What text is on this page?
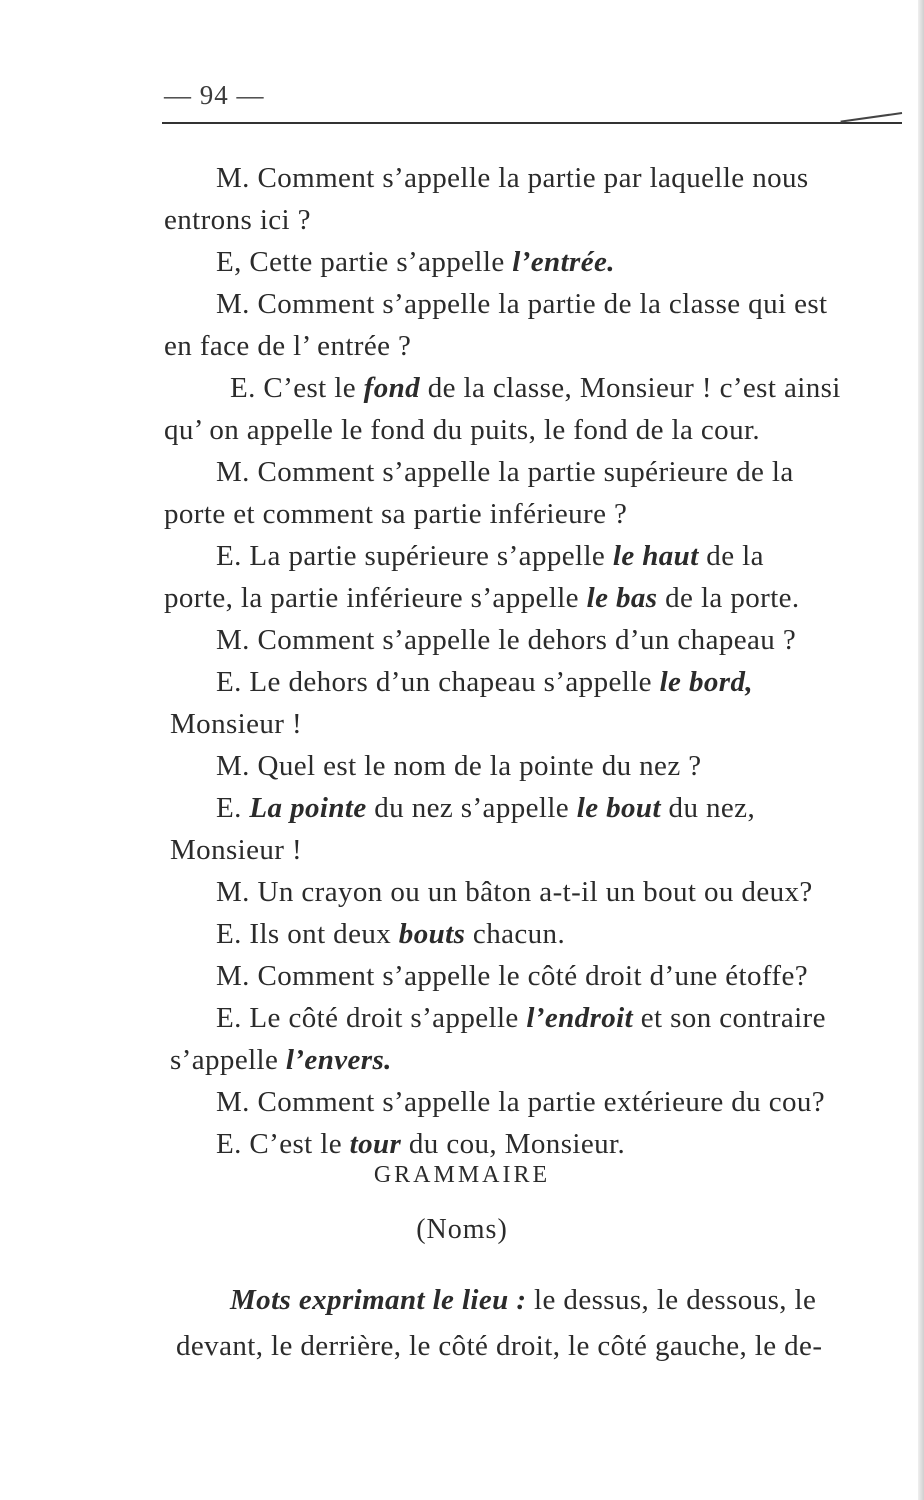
— 94 —
M. Comment s’appelle la partie par laquelle nous
entrons ici ?
E, Cette partie s’appelle l’entrée.
M. Comment s’appelle la partie de la classe qui est
en face de l’ entrée ?
E. C’est le fond de la classe, Monsieur ! c’est ainsi
qu’ on appelle le fond du puits, le fond de la cour.
M. Comment s’appelle la partie supérieure de la
porte et comment sa partie inférieure ?
E. La partie supérieure s’appelle le haut de la
porte, la partie inférieure s’appelle le bas de la porte.
M. Comment s’appelle le dehors d’un chapeau ?
E. Le dehors d’un chapeau s’appelle le bord,
Monsieur !
M. Quel est le nom de la pointe du nez ?
E. La pointe du nez s’appelle le bout du nez,
Monsieur !
M. Un crayon ou un bâton a-t-il un bout ou deux?
E. Ils ont deux bouts chacun.
M. Comment s’appelle le côté droit d’une étoffe?
E. Le côté droit s’appelle l’endroit et son contraire
s’appelle l’envers.
M. Comment s’appelle la partie extérieure du cou?
E. C’est le tour du cou, Monsieur.
GRAMMAIRE
(Noms)
Mots exprimant le lieu : le dessus, le dessous, le
devant, le derrière, le côté droit, le côté gauche, le de-
